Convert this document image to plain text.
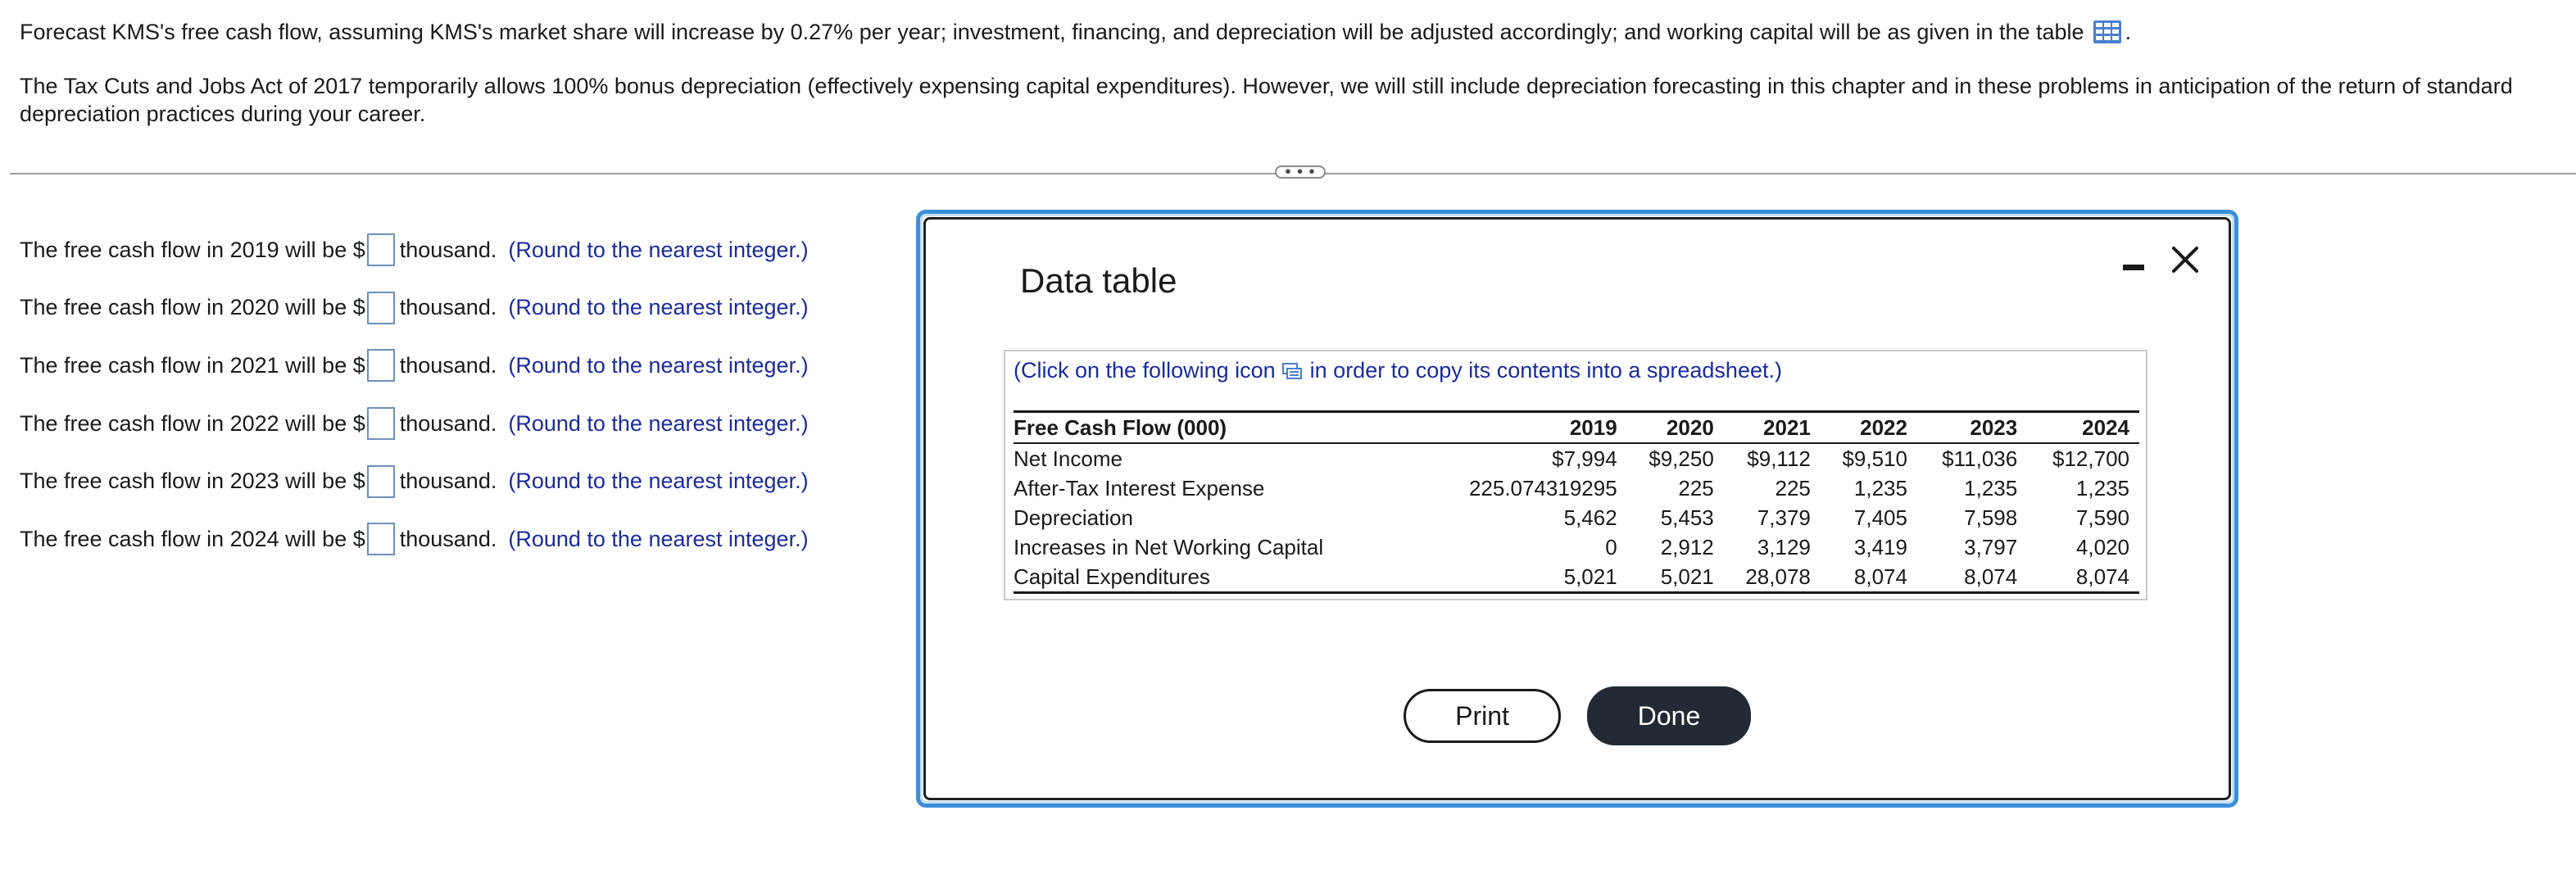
Forecast KMS's free cash flow, assuming KMS's market share will increase by 0.27% per year; investment, financing, and depreciation will be adjusted accordingly; and working capital will be as given in the table .
The Tax Cuts and Jobs Act of 2017 temporarily allows 100% bonus depreciation (effectively expensing capital expenditures). However, we will still include depreciation forecasting in this chapter and in these problems in anticipation of the return of standard depreciation practices during your career.
• • •
The free cash flow in 2019 will be $ thousand. (Round to the nearest integer.)
The free cash flow in 2020 will be $ thousand. (Round to the nearest integer.)
The free cash flow in 2021 will be $ thousand. (Round to the nearest integer.)
The free cash flow in 2022 will be $ thousand. (Round to the nearest integer.)
The free cash flow in 2023 will be $ thousand. (Round to the nearest integer.)
The free cash flow in 2024 will be $ thousand. (Round to the nearest integer.)
Data table
(Click on the following icon in order to copy its contents into a spreadsheet.)
Free Cash Flow (000)	2019	2020	2021	2022	2023	2024
Net Income	$7,994	$9,250	$9,112	$9,510	$11,036	$12,700
After-Tax Interest Expense	225.074319295	225	225	1,235	1,235	1,235
Depreciation	5,462	5,453	7,379	7,405	7,598	7,590
Increases in Net Working Capital	0	2,912	3,129	3,419	3,797	4,020
Capital Expenditures	5,021	5,021	28,078	8,074	8,074	8,074
Print	Done
